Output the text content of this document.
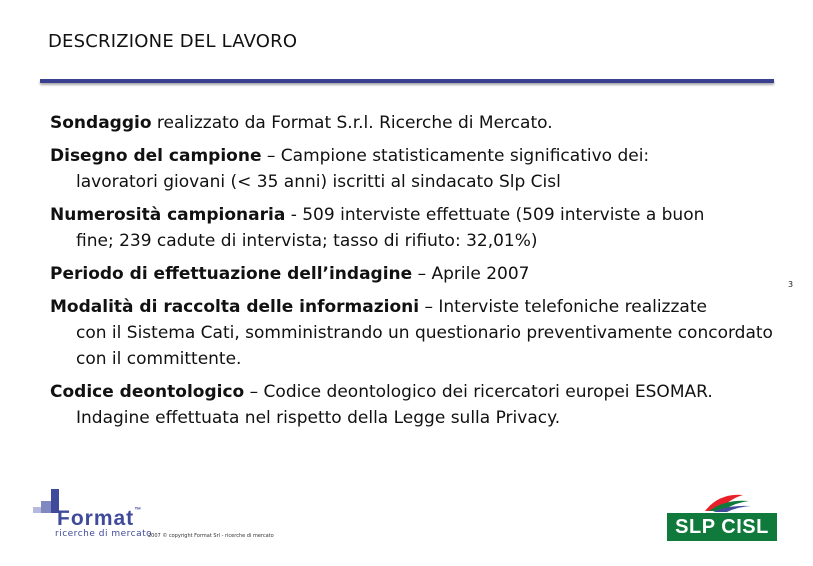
DESCRIZIONE DEL LAVORO
Sondaggio realizzato da Format S.r.l. Ricerche di Mercato.
Disegno del campione – Campione statisticamente significativo dei:
lavoratori giovani (< 35 anni) iscritti al sindacato Slp Cisl
Numerosità campionaria - 509 interviste effettuate (509 interviste a buon
fine; 239 cadute di intervista; tasso di rifiuto: 32,01%)
Periodo di effettuazione dell’indagine – Aprile 2007
Modalità di raccolta delle informazioni – Interviste telefoniche realizzate
con il Sistema Cati, somministrando un questionario preventivamente concordato con il committente.
Codice deontologico – Codice deontologico dei ricercatori europei ESOMAR.
Indagine effettuata nel rispetto della Legge sulla Privacy.
3
Format™
ricerche di mercato
2007 © copyright Format Srl - ricerche di mercato	SLP CISL
